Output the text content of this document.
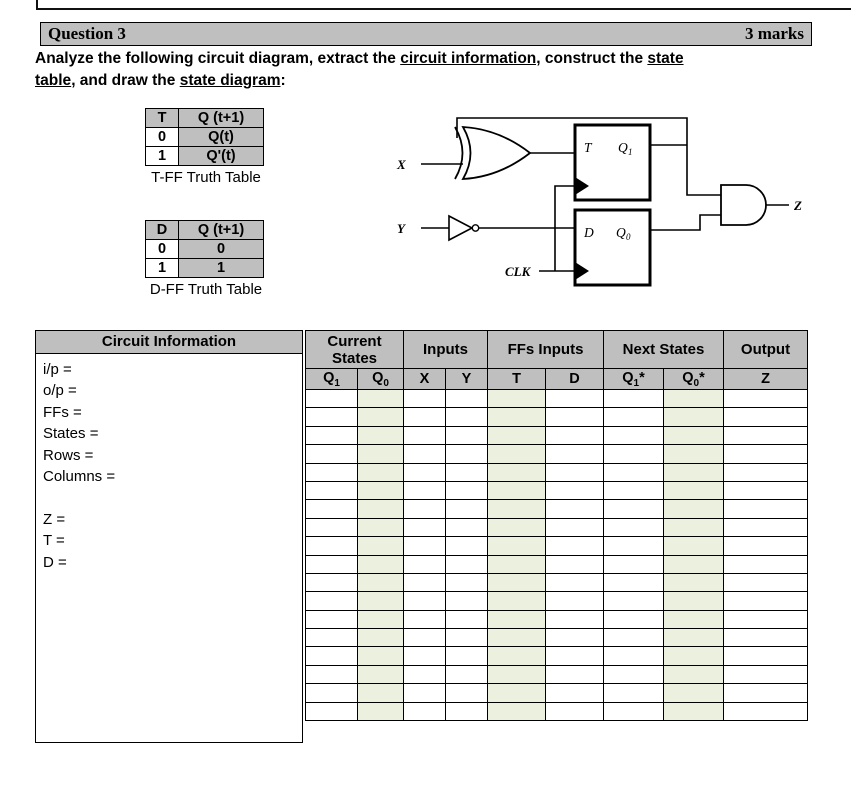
Question 3	3 marks
Analyze the following circuit diagram, extract the circuit information, construct the state
table, and draw the state diagram:
T	Q (t+1)
0	Q(t)
1	Q'(t)
T-FF Truth Table
D	Q (t+1)
0	0
1	1
D-FF Truth Table
T Q 1
D Q 0
X
Y
CLK
Z
Circuit Information
i/p =
o/p =
FFs =
States =
Rows =
Columns =

Z =
T =
D =
Current States		Inputs		FFs Inputs		Next States		Output
$Q_1$	$Q_0$	X	Y	T	D	$Q_1*$	$Q_0*$	Z
